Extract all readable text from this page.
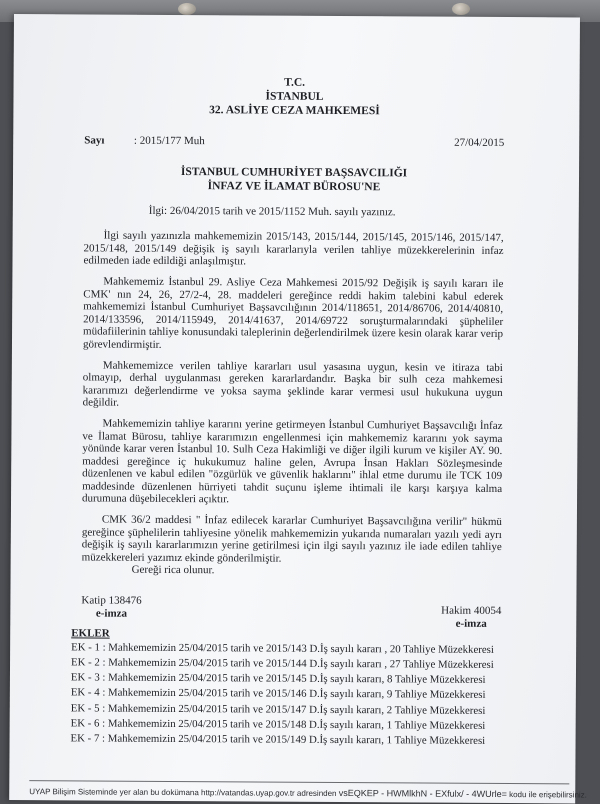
T.C.
İSTANBUL
32. ASLİYE CEZA MAHKEMESİ
Sayı	: 2015/177 Muh	27/04/2015
İSTANBUL CUMHURİYET BAŞSAVCILIĞI
İNFAZ VE İLAMAT BÜROSU'NE
İlgi: 26/04/2015 tarih ve 2015/1152 Muh. sayılı yazınız.

İlgi sayılı yazınızla mahkememizin 2015/143, 2015/144, 2015/145, 2015/146, 2015/147, 2015/148, 2015/149 değişik iş sayılı kararlarıyla verilen tahliye müzekkerelerinin infaz edilmeden iade edildiği anlaşılmıştır.

Mahkememiz İstanbul 29. Asliye Ceza Mahkemesi 2015/92 Değişik iş sayılı kararı ile CMK' nın 24, 26, 27/2-4, 28. maddeleri gereğince reddi hakim talebini kabul ederek mahkememizi İstanbul Cumhuriyet Başsavcılığının 2014/118651, 2014/86706, 2014/40810, 2014/133596, 2014/115949, 2014/41637, 2014/69722 soruşturmalarındaki şüpheliler müdafiilerinin tahliye konusundaki taleplerinin değerlendirilmek üzere kesin olarak karar verip görevlendirmiştir.

Mahkememizce verilen tahliye kararları usul yasasına uygun, kesin ve itiraza tabi olmayıp, derhal uygulanması gereken kararlardandır. Başka bir sulh ceza mahkemesi kararımızı değerlendirme ve yoksa sayma şeklinde karar vermesi usul hukukuna uygun değildir.

Mahkememizin tahliye kararını yerine getirmeyen İstanbul Cumhuriyet Başsavcılığı İnfaz ve İlamat Bürosu, tahliye kararımızın engellenmesi için mahkememiz kararını yok sayma yönünde karar veren İstanbul 10. Sulh Ceza Hakimliği ve diğer ilgili kurum ve kişiler AY. 90. maddesi gereğince iç hukukumuz haline gelen, Avrupa İnsan Hakları Sözleşmesinde düzenlenen ve kabul edilen "özgürlük ve güvenlik haklarını" ihlal etme durumu ile TCK 109 maddesinde düzenlenen hürriyeti tahdit suçunu işleme ihtimali ile karşı karşıya kalma durumuna düşebilecekleri açıktır.

CMK 36/2 maddesi " İnfaz edilecek kararlar Cumhuriyet Başsavcılığına verilir" hükmü gereğince şüphelilerin tahliyesine yönelik mahkememizin yukarıda numaraları yazılı yedi ayrı değişik iş sayılı kararlarımızın yerine getirilmesi için ilgi sayılı yazınız ile iade edilen tahliye müzekkereleri yazımız ekinde gönderilmiştir.

Gereği rica olunur.
Katip 138476
e-imza	Hakim 40054
e-imza
EKLER
EK - 1 : Mahkememizin 25/04/2015 tarih ve 2015/143 D.İş sayılı kararı , 20 Tahliye Müzekkeresi
EK - 2 : Mahkememizin 25/04/2015 tarih ve 2015/144 D.İş sayılı kararı , 27 Tahliye Müzekkeresi
EK - 3 : Mahkememizin 25/04/2015 tarih ve 2015/145 D.İş sayılı kararı, 8 Tahliye Müzekkeresi
EK - 4 : Mahkememizin 25/04/2015 tarih ve 2015/146 D.İş sayılı kararı, 9 Tahliye Müzekkeresi
EK - 5 : Mahkememizin 25/04/2015 tarih ve 2015/147 D.İş sayılı kararı, 2 Tahliye Müzekkeresi
EK - 6 : Mahkememizin 25/04/2015 tarih ve 2015/148 D.İş sayılı kararı, 1 Tahliye Müzekkeresi
EK - 7 : Mahkememizin 25/04/2015 tarih ve 2015/149 D.İş sayılı kararı, 1 Tahliye Müzekkeresi
UYAP Bilişim Sisteminde yer alan bu dokümana http://vatandas.uyap.gov.tr adresinden vsEQKEP - HWMlkhN - EXfulx/ - 4WUrle= kodu ile erişebilirsiniz.
